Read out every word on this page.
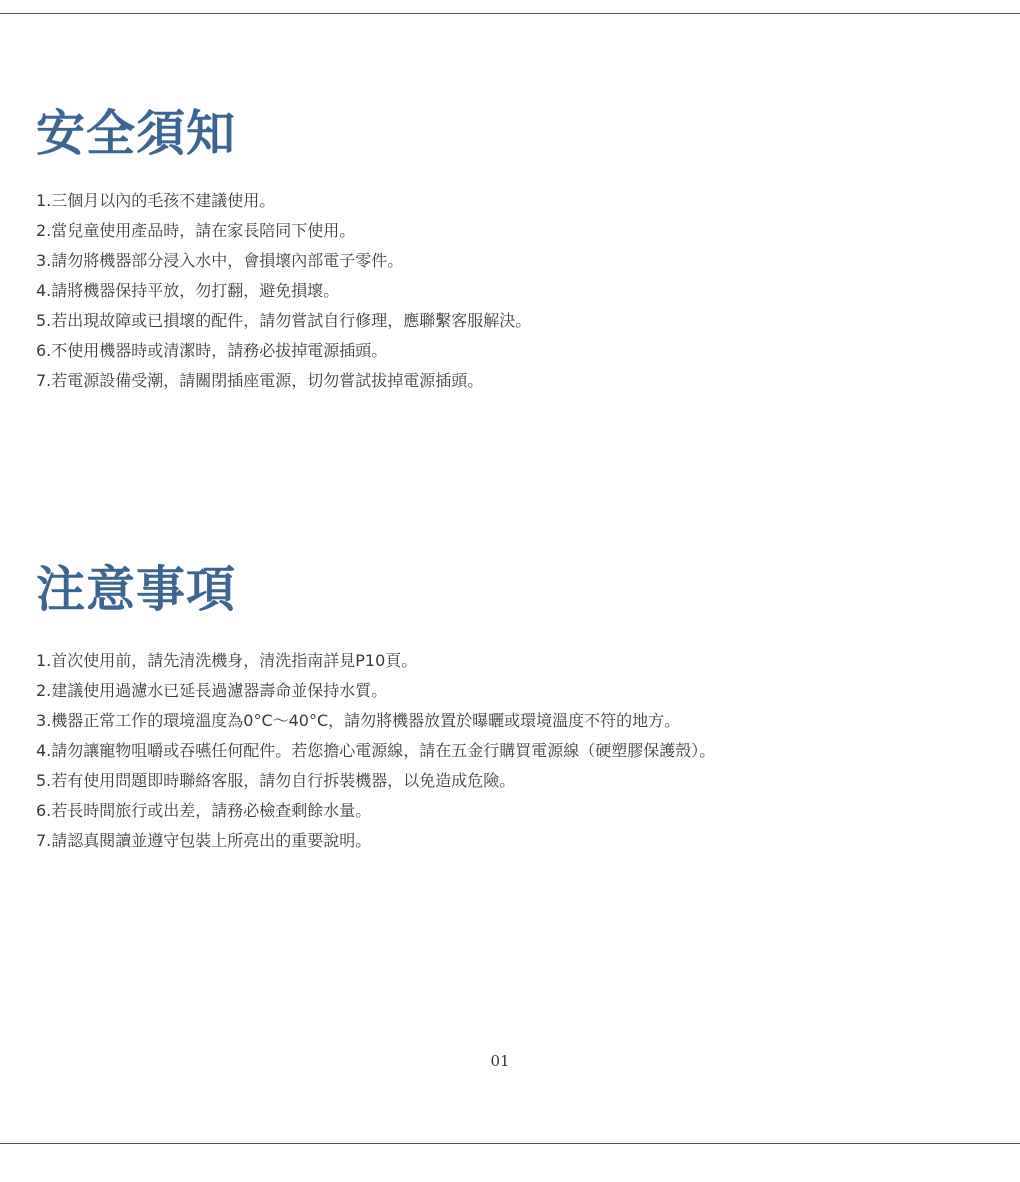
安全須知
1.三個月以內的毛孩不建議使用。
2.當兒童使用產品時，請在家長陪同下使用。
3.請勿將機器部分浸入水中，會損壞內部電子零件。
4.請將機器保持平放，勿打翻，避免損壞。
5.若出現故障或已損壞的配件，請勿嘗試自行修理，應聯繫客服解決。
6.不使用機器時或清潔時，請務必拔掉電源插頭。
7.若電源設備受潮，請關閉插座電源，切勿嘗試拔掉電源插頭。
注意事項
1.首次使用前，請先清洗機身，清洗指南詳見P10頁。
2.建議使用過濾水已延長過濾器壽命並保持水質。
3.機器正常工作的環境溫度為0°C～40°C，請勿將機器放置於曝曬或環境溫度不符的地方。
4.請勿讓寵物咀嚼或吞嚥任何配件。若您擔心電源線，請在五金行購買電源線（硬塑膠保護殼）。
5.若有使用問題即時聯絡客服，請勿自行拆裝機器，以免造成危險。
6.若長時間旅行或出差，請務必檢查剩餘水量。
7.請認真閱讀並遵守包裝上所亮出的重要說明。
01
